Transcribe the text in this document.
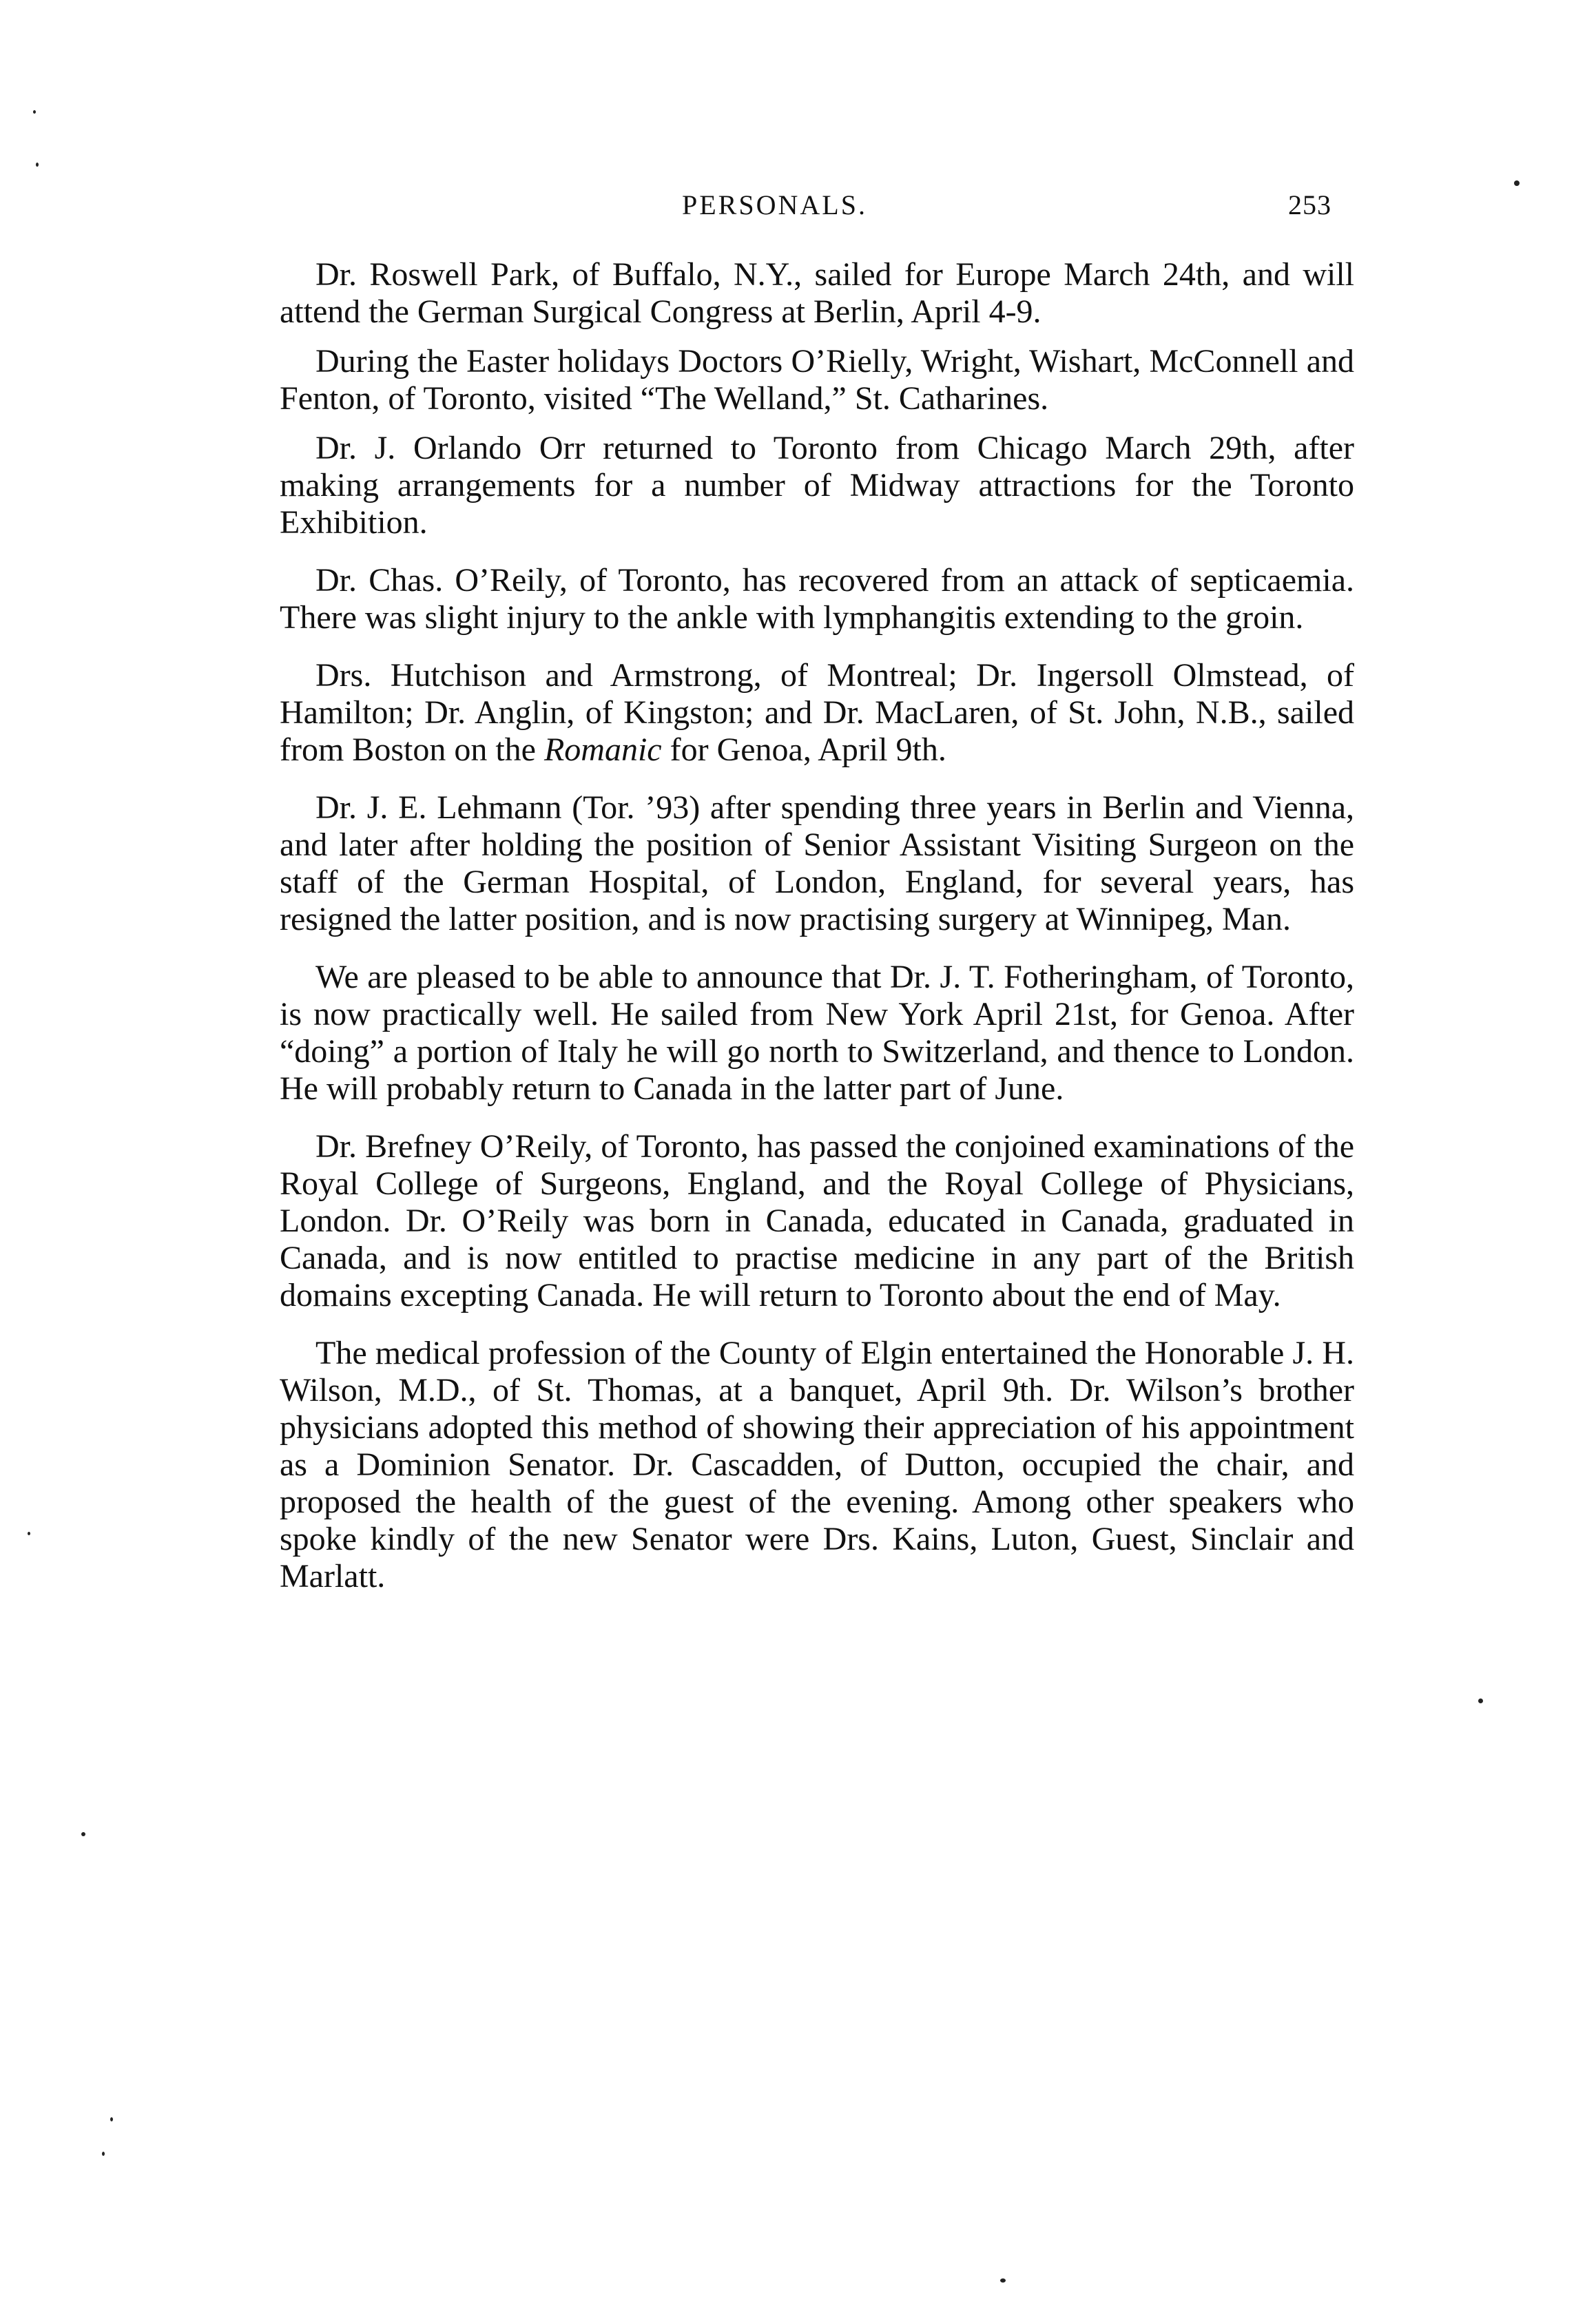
PERSONALS.	253

Dr. Roswell Park, of Buffalo, N.Y., sailed for Europe March 24th, and will attend the German Surgical Congress at Berlin, April 4-9.

During the Easter holidays Doctors O’Rielly, Wright, Wishart, McConnell and Fenton, of Toronto, visited “The Welland,” St. Catharines.

Dr. J. Orlando Orr returned to Toronto from Chicago March 29th, after making arrangements for a number of Midway attractions for the Toronto Exhibition.

Dr. Chas. O’Reily, of Toronto, has recovered from an attack of septicaemia. There was slight injury to the ankle with lymphangitis extending to the groin.

Drs. Hutchison and Armstrong, of Montreal; Dr. Ingersoll Olmstead, of Hamilton; Dr. Anglin, of Kingston; and Dr. MacLaren, of St. John, N.B., sailed from Boston on the Romanic for Genoa, April 9th.

Dr. J. E. Lehmann (Tor. ’93) after spending three years in Berlin and Vienna, and later after holding the position of Senior Assistant Visiting Surgeon on the staff of the German Hospital, of London, England, for several years, has resigned the latter position, and is now practising surgery at Winnipeg, Man.

We are pleased to be able to announce that Dr. J. T. Fotheringham, of Toronto, is now practically well. He sailed from New York April 21st, for Genoa. After “doing” a portion of Italy he will go north to Switzerland, and thence to London. He will probably return to Canada in the latter part of June.

Dr. Brefney O’Reily, of Toronto, has passed the conjoined examinations of the Royal College of Surgeons, England, and the Royal College of Physicians, London. Dr. O’Reily was born in Canada, educated in Canada, graduated in Canada, and is now entitled to practise medicine in any part of the British domains excepting Canada. He will return to Toronto about the end of May.

The medical profession of the County of Elgin entertained the Honorable J. H. Wilson, M.D., of St. Thomas, at a banquet, April 9th. Dr. Wilson’s brother physicians adopted this method of showing their appreciation of his appointment as a Dominion Senator. Dr. Cascadden, of Dutton, occupied the chair, and proposed the health of the guest of the evening. Among other speakers who spoke kindly of the new Senator were Drs. Kains, Luton, Guest, Sinclair and Marlatt.
